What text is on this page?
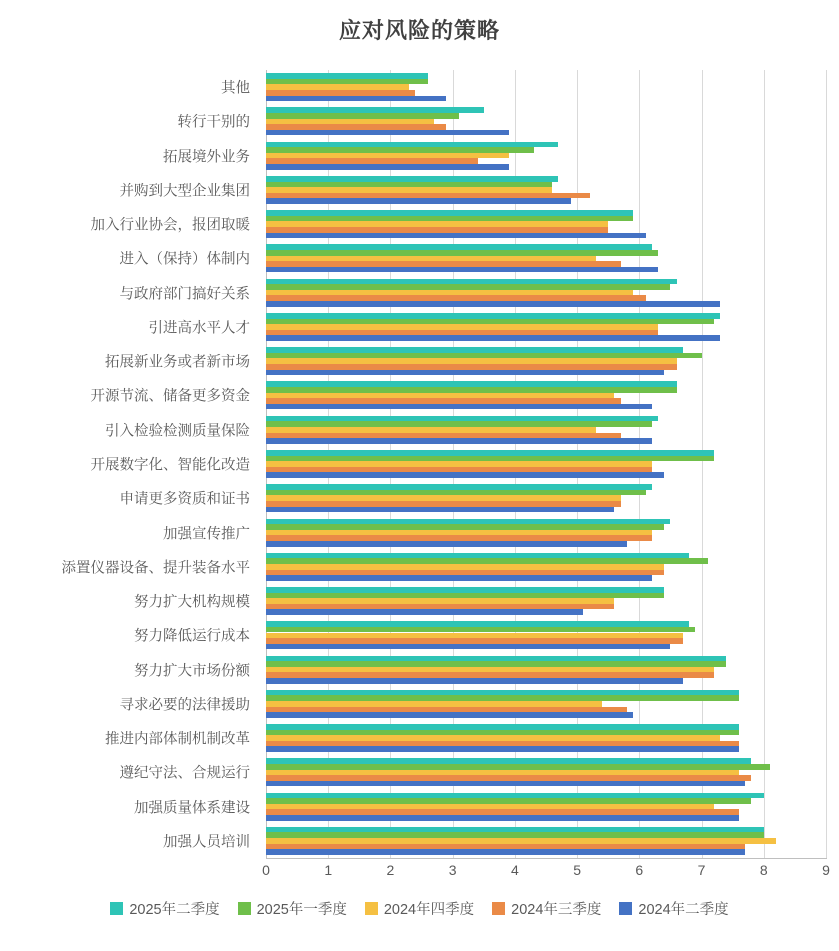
应对风险的策略
加强人员培训
加强质量体系建设
遵纪守法、合规运行
推进内部体制机制改革
寻求必要的法律援助
努力扩大市场份额
努力降低运行成本
努力扩大机构规模
添置仪器设备、提升装备水平
加强宣传推广
申请更多资质和证书
开展数字化、智能化改造
引入检验检测质量保险
开源节流、储备更多资金
拓展新业务或者新市场
引进高水平人才
与政府部门搞好关系
进入（保持）体制内
加入行业协会，报团取暖
并购到大型企业集团
拓展境外业务
转行干别的
其他
0	1	2	3	4	5	6	7	8	9
2025年二季度	2025年一季度	2024年四季度	2024年三季度	2024年二季度
